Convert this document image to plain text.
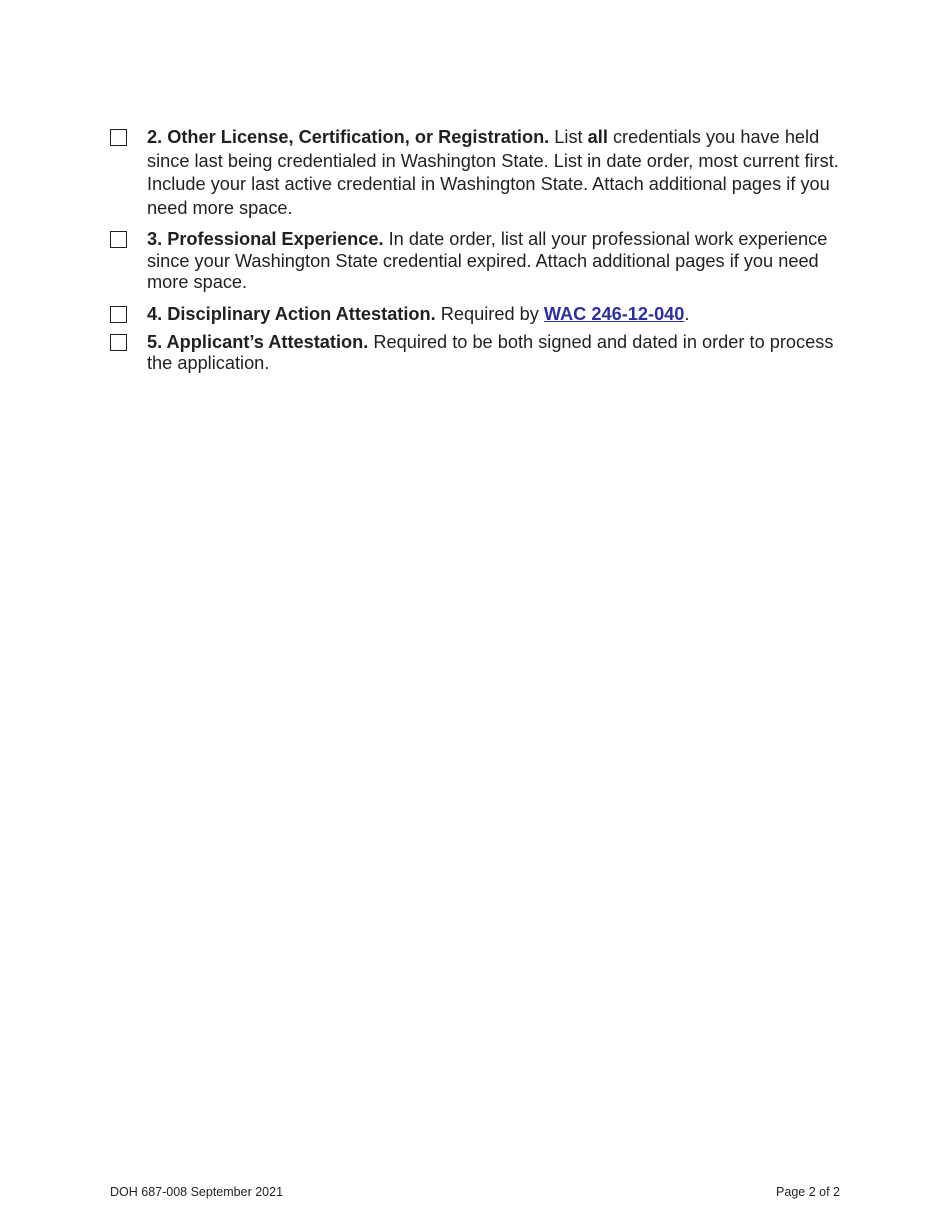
2. Other License, Certification, or Registration. List all credentials you have held since last being credentialed in Washington State. List in date order, most current first. Include your last active credential in Washington State. Attach additional pages if you need more space.
3. Professional Experience. In date order, list all your professional work experience since your Washington State credential expired. Attach additional pages if you need more space.
4. Disciplinary Action Attestation. Required by WAC 246-12-040.
5. Applicant’s Attestation. Required to be both signed and dated in order to process the application.
DOH 687-008 September 2021	Page 2 of 2
